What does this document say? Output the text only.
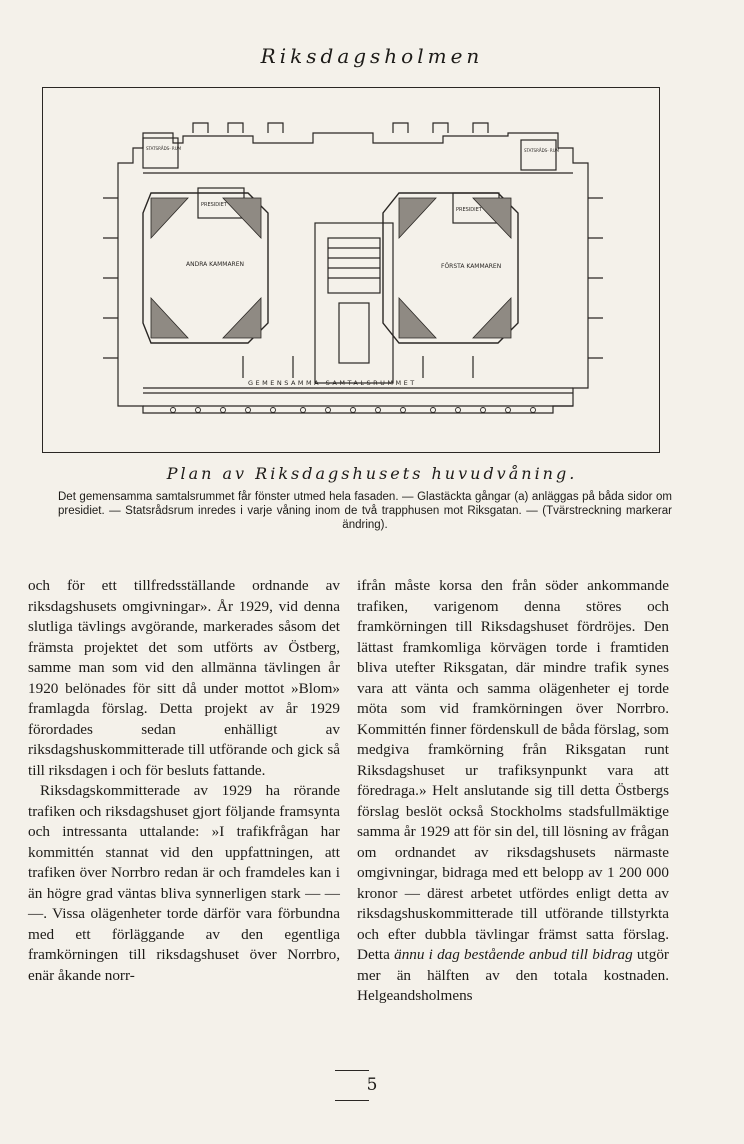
Riksdagsholmen
STATSRÅDS- RUM	STATSRÅDS- RUM
PRESIDIET
PRESIDIET
ANDRA KAMMAREN	FÖRSTA KAMMAREN
GEMENSAMMA SAMTALSRUMMET
Plan av Riksdagshusets huvudvåning.
Det gemensamma samtalsrummet får fönster utmed hela fasaden. — Glastäckta gångar (a) anläggas på båda sidor om presidiet. — Statsrådsrum inredes i varje våning inom de två trapphusen mot Riksgatan. — (Tvärstreckning markerar ändring).

och för ett tillfredsställande ordnande av riksdagshusets omgivningar». År 1929, vid denna slutliga tävlings avgörande, markerades såsom det främsta projektet det som utförts av Östberg, samme man som vid den allmänna tävlingen år 1920 belönades för sitt då under mottot »Blom» framlagda förslag. Detta projekt av år 1929 förordades sedan enhälligt av riksdagshuskommitterade till utförande och gick så till riksdagen i och för besluts fattande.

Riksdagskommitterade av 1929 ha rörande trafiken och riksdagshuset gjort följande framsynta och intressanta uttalande: »I trafikfrågan har kommittén stannat vid den uppfattningen, att trafiken över Norrbro redan är och framdeles kan i än högre grad väntas bliva synnerligen stark — — —. Vissa olägenheter torde därför vara förbundna med ett förläggande av den egentliga framkörningen till riksdagshuset över Norrbro, enär åkande norr-

ifrån måste korsa den från söder ankommande trafiken, varigenom denna störes och framkörningen till Riksdagshuset fördröjes. Den lättast framkomliga körvägen torde i framtiden bliva utefter Riksgatan, där mindre trafik synes vara att vänta och samma olägenheter ej torde möta som vid framkörningen över Norrbro. Kommittén finner fördenskull de båda förslag, som medgiva framkörning från Riksgatan runt Riksdagshuset ur trafiksynpunkt vara att föredraga.» Helt anslutande sig till detta Östbergs förslag beslöt också Stockholms stadsfullmäktige samma år 1929 att för sin del, till lösning av frågan om ordnandet av riksdagshusets närmaste omgivningar, bidraga med ett belopp av 1 200 000 kronor — därest arbetet utfördes enligt detta av riksdagshuskommitterade till utförande tillstyrkta och efter dubbla tävlingar främst satta förslag. Detta ännu i dag bestående anbud till bidrag utgör mer än hälften av den totala kostnaden. Helgeandsholmens

5
